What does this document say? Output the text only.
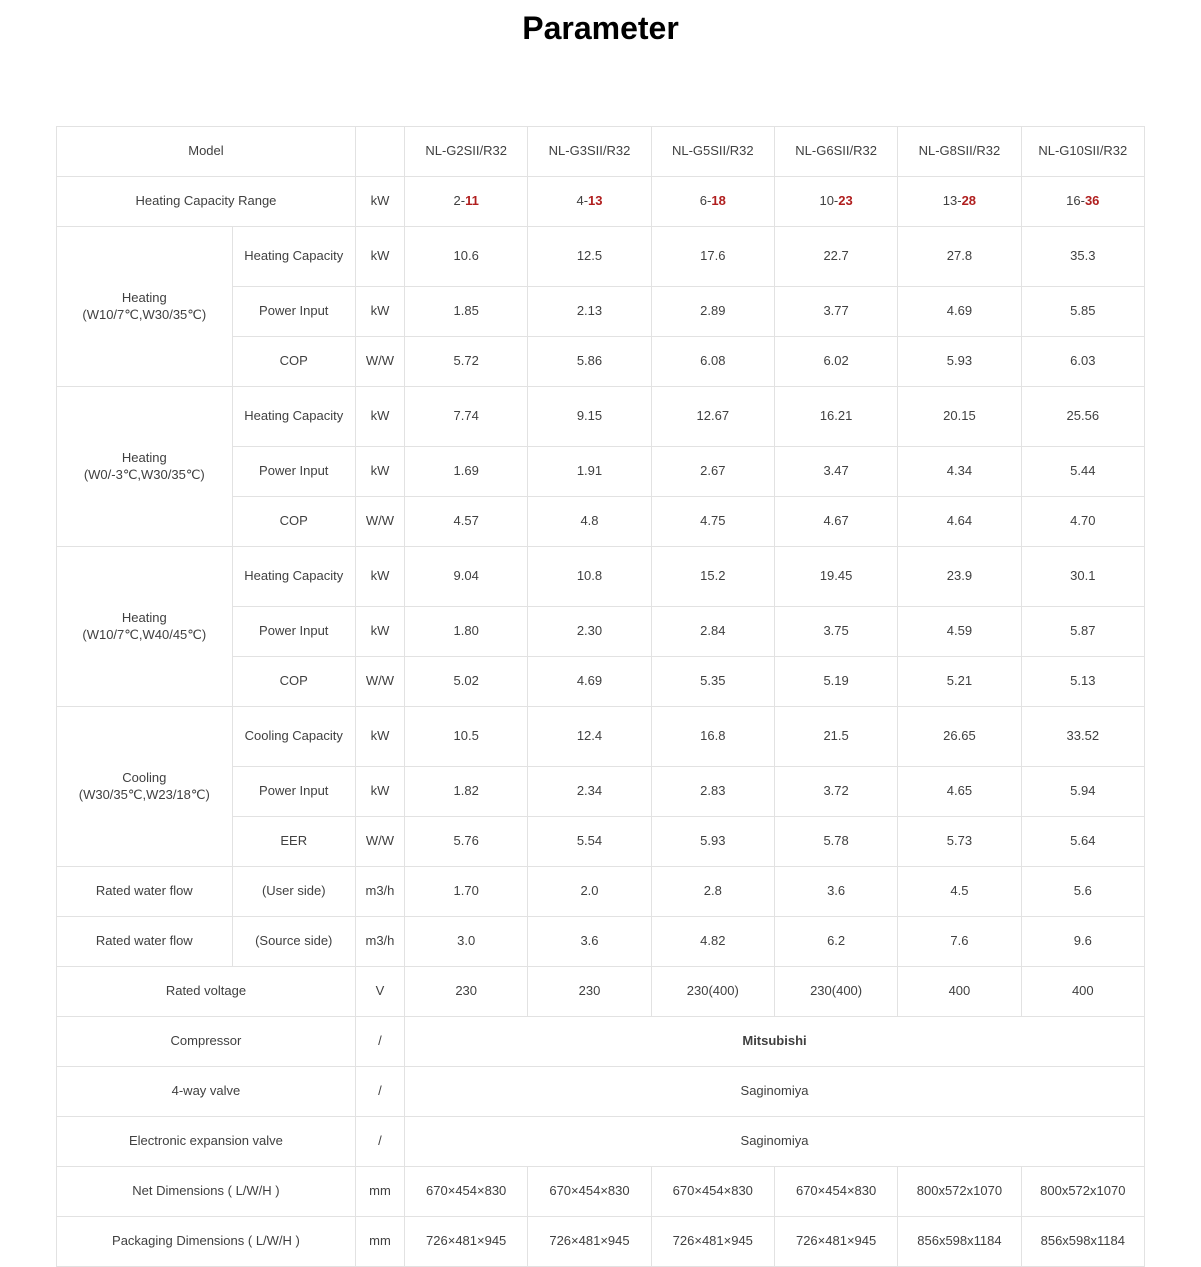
Parameter
Model			NL-G2SII/R32	NL-G3SII/R32	NL-G5SII/R32	NL-G6SII/R32	NL-G8SII/R32	NL-G10SII/R32
Heating Capacity Range		kW	2-11	4-13	6-18	10-23	13-28	16-36
Heating
(W10/7℃,W30/35℃)	Heating Capacity	kW	10.6	12.5	17.6	22.7	27.8	35.3
	Power Input	kW	1.85	2.13	2.89	3.77	4.69	5.85
	COP	W/W	5.72	5.86	6.08	6.02	5.93	6.03
Heating
(W0/-3℃,W30/35℃)	Heating Capacity	kW	7.74	9.15	12.67	16.21	20.15	25.56
	Power Input	kW	1.69	1.91	2.67	3.47	4.34	5.44
	COP	W/W	4.57	4.8	4.75	4.67	4.64	4.70
Heating
(W10/7℃,W40/45℃)	Heating Capacity	kW	9.04	10.8	15.2	19.45	23.9	30.1
	Power Input	kW	1.80	2.30	2.84	3.75	4.59	5.87
	COP	W/W	5.02	4.69	5.35	5.19	5.21	5.13
Cooling
(W30/35℃,W23/18℃)	Cooling Capacity	kW	10.5	12.4	16.8	21.5	26.65	33.52
	Power Input	kW	1.82	2.34	2.83	3.72	4.65	5.94
	EER	W/W	5.76	5.54	5.93	5.78	5.73	5.64
Rated water flow	(User side)	m3/h	1.70	2.0	2.8	3.6	4.5	5.6
Rated water flow	(Source side)	m3/h	3.0	3.6	4.82	6.2	7.6	9.6
Rated voltage		V	230	230	230(400)	230(400)	400	400
Compressor		/	Mitsubishi					
4-way valve		/	Saginomiya					
Electronic expansion valve		/	Saginomiya					
Net Dimensions ( L/W/H )		mm	670×454×830	670×454×830	670×454×830	670×454×830	800x572x1070	800x572x1070
Packaging Dimensions ( L/W/H )		mm	726×481×945	726×481×945	726×481×945	726×481×945	856x598x1184	856x598x1184
